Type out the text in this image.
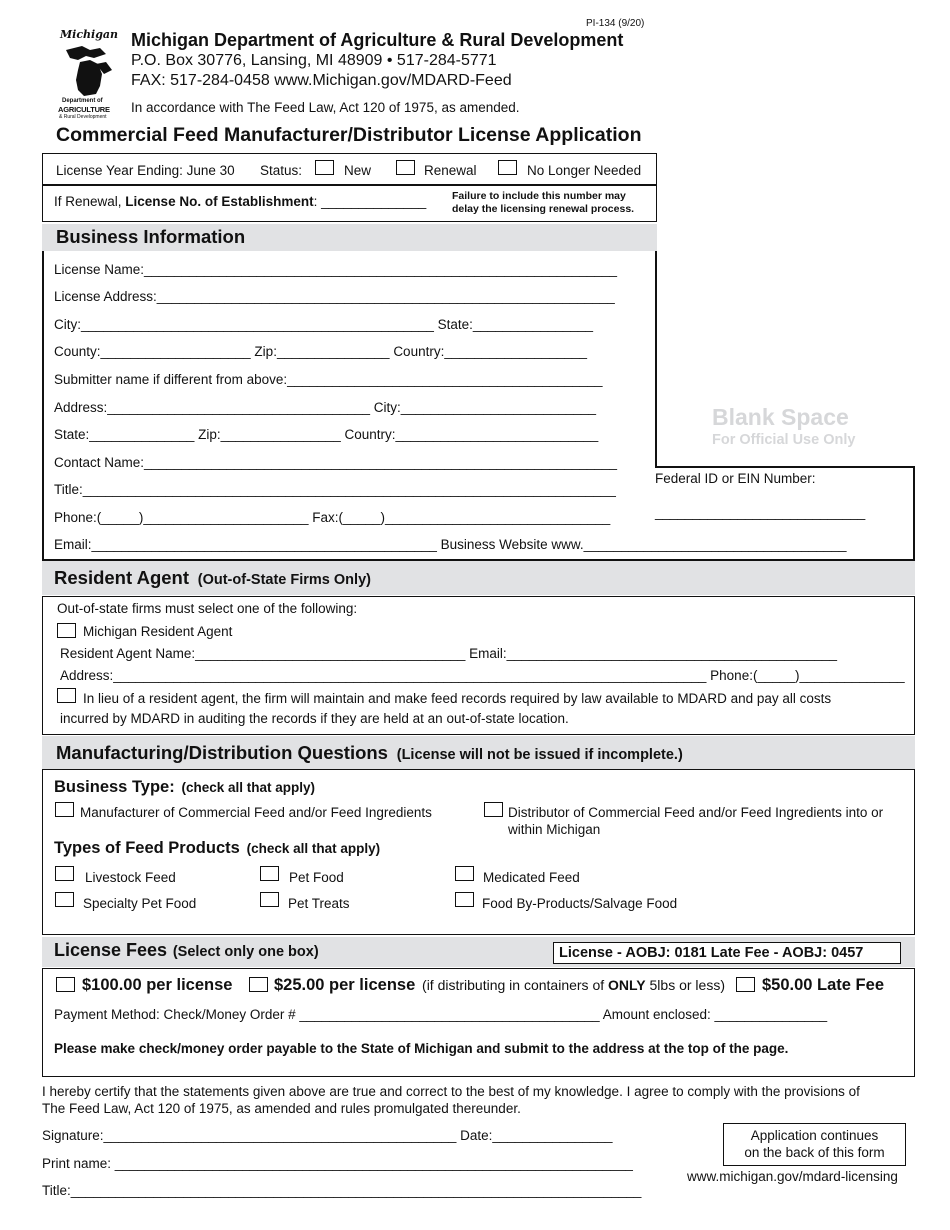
PI-134 (9/20)
Michigan
Department of
AGRICULTURE
& Rural Development
Michigan Department of Agriculture & Rural Development
P.O. Box 30776, Lansing, MI 48909 • 517-284-5771
FAX: 517-284-0458 www.Michigan.gov/MDARD-Feed
In accordance with The Feed Law, Act 120 of 1975, as amended.
Commercial Feed Manufacturer/Distributor License Application
License Year Ending: June 30 Status:	New	Renewal	No Longer Needed
If Renewal, License No. of Establishment: ______________ Failure to include this number may
delay the licensing renewal process.
Business Information
License Name:_______________________________________________________________
License Address:_____________________________________________________________
City:_______________________________________________ State:________________
County:____________________ Zip:_______________ Country:___________________
Submitter name if different from above:__________________________________________
Address:___________________________________ City:__________________________
State:______________ Zip:________________ Country:___________________________
Contact Name:_______________________________________________________________
Title:_______________________________________________________________________
Phone:(_____)______________________ Fax:(_____)______________________________
Email:______________________________________________ Business Website www.___________________________________
Blank Space
For Official Use Only
Federal ID or EIN Number:
____________________________
Resident Agent (Out-of-State Firms Only)
Out-of-state firms must select one of the following:
Michigan Resident Agent
Resident Agent Name:____________________________________ Email:____________________________________________
Address:_______________________________________________________________________________ Phone:(_____)______________
In lieu of a resident agent, the firm will maintain and make feed records required by law available to MDARD and pay all costs
incurred by MDARD in auditing the records if they are held at an out-of-state location.
Manufacturing/Distribution Questions (License will not be issued if incomplete.)
Business Type: (check all that apply)
Manufacturer of Commercial Feed and/or Feed Ingredients	Distributor of Commercial Feed and/or Feed Ingredients into or
within Michigan
Types of Feed Products (check all that apply)
Livestock Feed	Pet Food	Medicated Feed
Specialty Pet Food	Pet Treats	Food By-Products/Salvage Food
License Fees (Select only one box)	License - AOBJ: 0181 Late Fee - AOBJ: 0457
$100.00 per license	$25.00 per license (if distributing in containers of ONLY 5lbs or less) $50.00 Late Fee
Payment Method: Check/Money Order # ________________________________________ Amount enclosed: _______________
Please make check/money order payable to the State of Michigan and submit to the address at the top of the page.
I hereby certify that the statements given above are true and correct to the best of my knowledge. I agree to comply with the provisions of
The Feed Law, Act 120 of 1975, as amended and rules promulgated thereunder.
Signature:_______________________________________________ Date:________________
Print name: _____________________________________________________________________
Title:____________________________________________________________________________
Application continues
on the back of this form
www.michigan.gov/mdard-licensing
